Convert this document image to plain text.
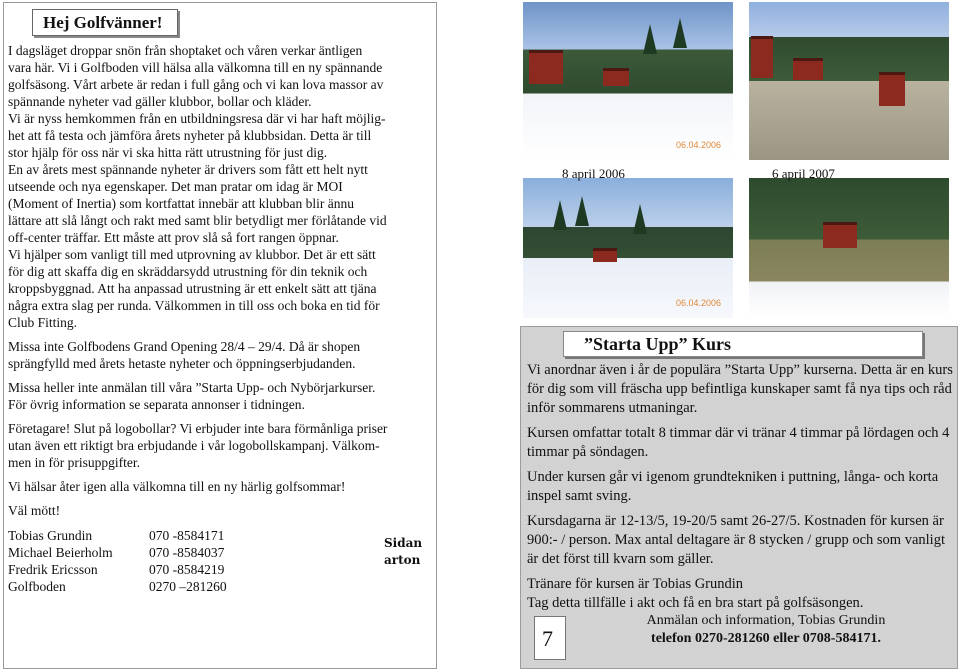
Hej Golfvänner!

I dagsläget droppar snön från shoptaket och våren verkar äntligen
vara här. Vi i Golfboden vill hälsa alla välkomna till en ny spännande
golfsäsong. Vårt arbete är redan i full gång och vi kan lova massor av
spännande nyheter vad gäller klubbor, bollar och kläder.
Vi är nyss hemkommen från en utbildningsresa där vi har haft möjlig-
het att få testa och jämföra årets nyheter på klubbsidan. Detta är till
stor hjälp för oss när vi ska hitta rätt utrustning för just dig.
En av årets mest spännande nyheter är drivers som fått ett helt nytt
utseende och nya egenskaper. Det man pratar om idag är MOI
(Moment of Inertia) som kortfattat innebär att klubban blir ännu
lättare att slå långt och rakt med samt blir betydligt mer förlåtande vid
off-center träffar. Ett måste att prov slå så fort rangen öppnar.
Vi hjälper som vanligt till med utprovning av klubbor. Det är ett sätt
för dig att skaffa dig en skräddarsydd utrustning för din teknik och
kroppsbyggnad. Att ha anpassad utrustning är ett enkelt sätt att tjäna
några extra slag per runda. Välkommen in till oss och boka en tid för
Club Fitting.

Missa inte Golfbodens Grand Opening 28/4 – 29/4. Då är shopen
sprängfylld med årets hetaste nyheter och öppningserbjudanden.

Missa heller inte anmälan till våra ”Starta Upp- och Nybörjarkurser.
För övrig information se separata annonser i tidningen.

Företagare! Slut på logobollar? Vi erbjuder inte bara förmånliga priser
utan även ett riktigt bra erbjudande i vår logobollskampanj. Välkom-
men in för prisuppgifter.

Vi hälsar åter igen alla välkomna till en ny härlig golfsommar!

Väl mött!

Tobias Grundin	070 -8584171
Michael Beierholm	070 -8584037
Fredrik Ericsson	070 -8584219
Golfboden	0270 –281260
Sidan
arton
06.04.2006
06.04.2006
8 april 2006	6 april 2007
”Starta Upp” Kurs

Vi anordnar även i år de populära ”Starta Upp” kurserna. Detta är en kurs för dig som vill fräscha upp befintliga kunskaper samt få nya tips och råd inför sommarens utmaningar.

Kursen omfattar totalt 8 timmar där vi tränar 4 timmar på lördagen och 4 timmar på söndagen.

Under kursen går vi igenom grundtekniken i puttning, långa- och korta inspel samt sving.

Kursdagarna är 12-13/5, 19-20/5 samt 26-27/5. Kostnaden för kursen är 900:- / person. Max antal deltagare är 8 stycken / grupp och som vanligt är det först till kvarn som gäller.

Tränare för kursen är Tobias Grundin
Tag detta tillfälle i akt och få en bra start på golfsäsongen.

7
Anmälan och information, Tobias Grundin
telefon 0270-281260 eller 0708-584171.
